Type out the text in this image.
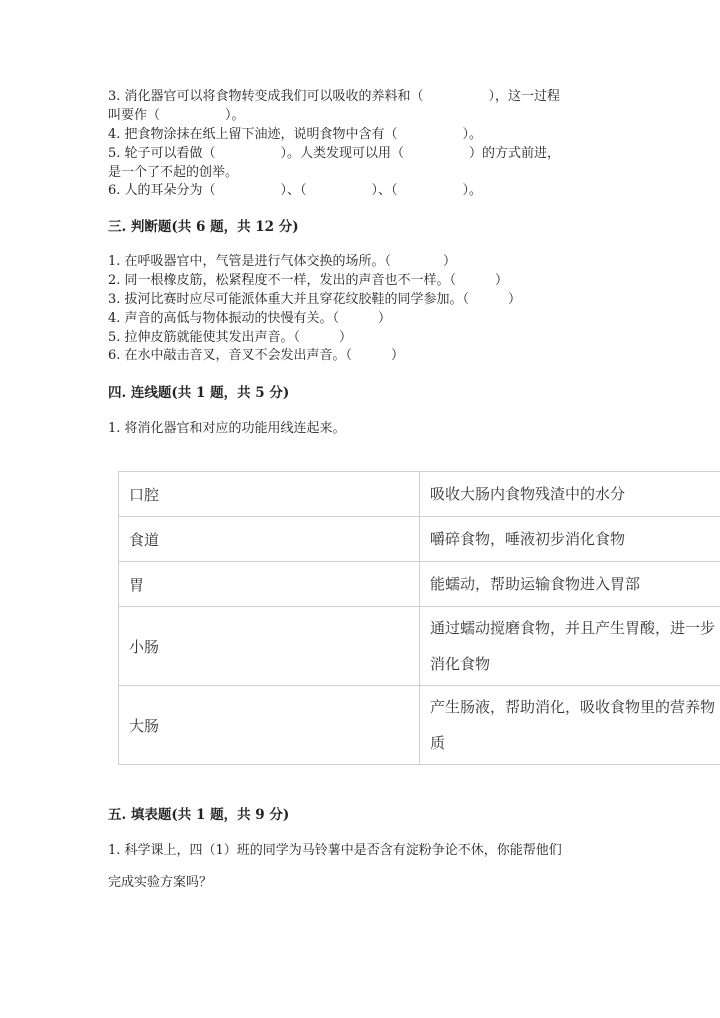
3. 消化器官可以将食物转变成我们可以吸收的养料和（　　　　　），这一过程
叫要作（　　　　　）。
4. 把食物涂抹在纸上留下油迹，说明食物中含有（　　　　　）。
5. 轮子可以看做（　　　　　）。人类发现可以用（　　　　　）的方式前进，
是一个了不起的创举。
6. 人的耳朵分为（　　　　　）、（　　　　　）、（　　　　　）。
三. 判断题(共 6 题，共 12 分)
1. 在呼吸器官中，气管是进行气体交换的场所。（　　　　）
2. 同一根橡皮筋，松紧程度不一样，发出的声音也不一样。（　　　）
3. 拔河比赛时应尽可能派体重大并且穿花纹胶鞋的同学参加。（　　　）
4. 声音的高低与物体振动的快慢有关。（　　　）
5. 拉伸皮筋就能使其发出声音。（　　　）
6. 在水中敲击音叉，音叉不会发出声音。（　　　）
四. 连线题(共 1 题，共 5 分)
1. 将消化器官和对应的功能用线连起来。
口腔	吸收大肠内食物残渣中的水分
食道	嚼碎食物，唾液初步消化食物
胃	能蠕动，帮助运输食物进入胃部
小肠	通过蠕动搅磨食物，并且产生胃酸，进一步消化食物
大肠	产生肠液，帮助消化，吸收食物里的营养物质
五. 填表题(共 1 题，共 9 分)
1. 科学课上，四（1）班的同学为马铃薯中是否含有淀粉争论不休，你能帮他们
完成实验方案吗？
